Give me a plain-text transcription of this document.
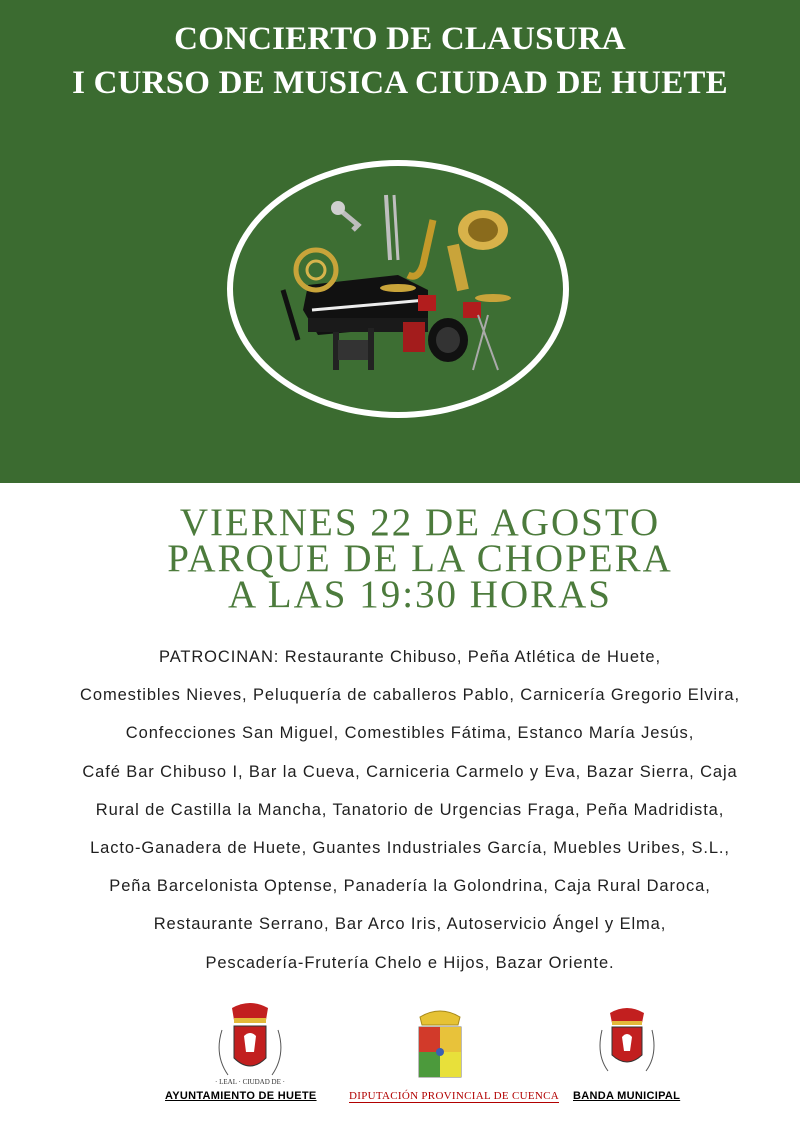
CONCIERTO DE CLAUSURA
I CURSO DE MUSICA CIUDAD DE HUETE
VIERNES 22 DE AGOSTO
PARQUE DE LA CHOPERA
A LAS 19:30 HORAS
PATROCINAN: Restaurante Chibuso, Peña Atlética de Huete,
Comestibles Nieves, Peluquería de caballeros Pablo, Carnicería Gregorio Elvira,
Confecciones San Miguel, Comestibles Fátima, Estanco María Jesús,
Café Bar Chibuso I, Bar la Cueva, Carniceria Carmelo y Eva, Bazar Sierra, Caja
Rural de Castilla la Mancha, Tanatorio de Urgencias Fraga, Peña Madridista,
Lacto-Ganadera de Huete, Guantes Industriales García, Muebles Uribes, S.L.,
Peña Barcelonista Optense, Panadería la Golondrina, Caja Rural Daroca,
Restaurante Serrano, Bar Arco Iris, Autoservicio Ángel y Elma,
Pescadería-Frutería Chelo e Hijos, Bazar Oriente.
· LEAL · CIUDAD DE ·
AYUNTAMIENTO DE HUETE	DIPUTACIÓN PROVINCIAL DE CUENCA BANDA MUNICIPAL
